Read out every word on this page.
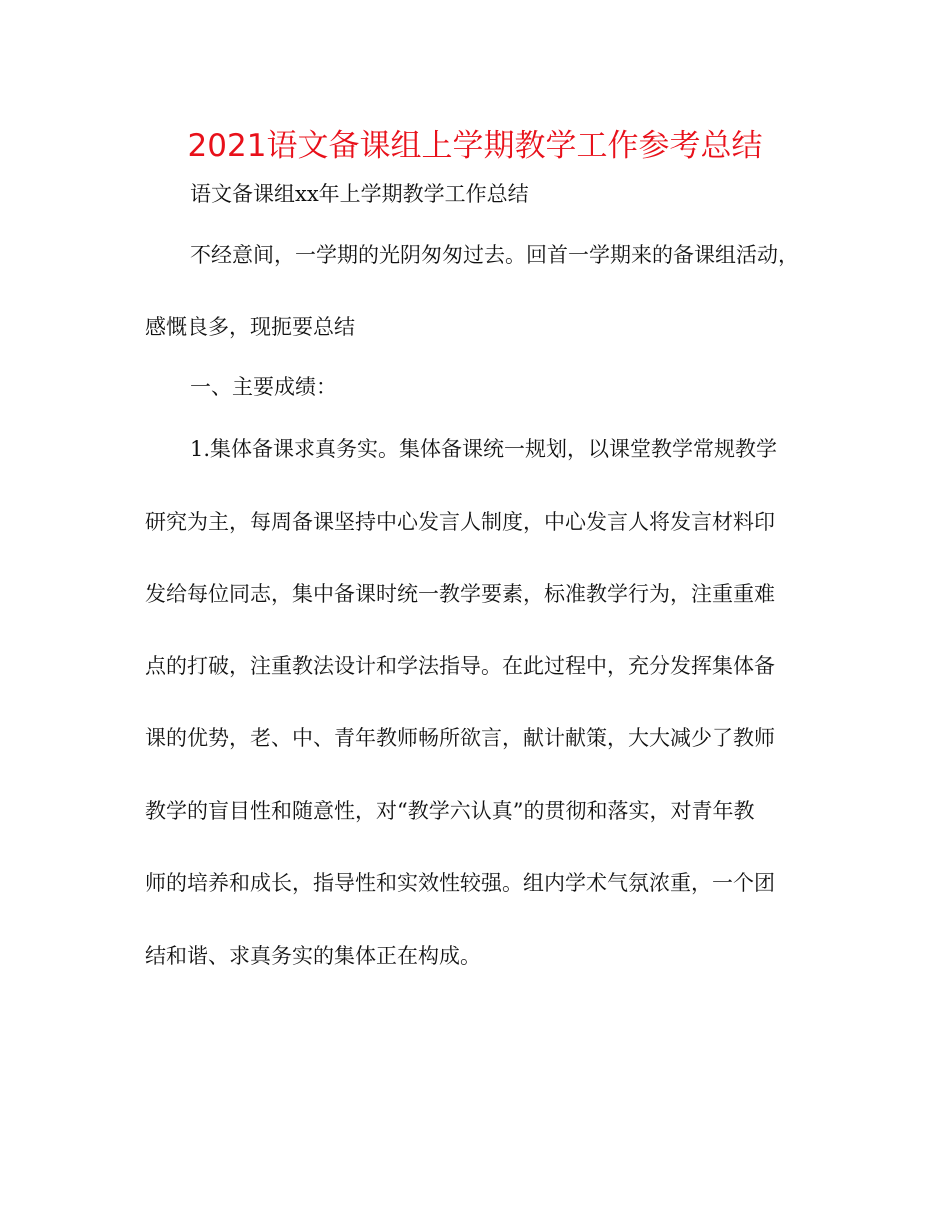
2021语文备课组上学期教学工作参考总结

语文备课组xx年上学期教学工作总结

不经意间，一学期的光阴匆匆过去。回首一学期来的备课组活动，

感慨良多，现扼要总结

一、主要成绩：

1.集体备课求真务实。集体备课统一规划，以课堂教学常规教学

研究为主，每周备课坚持中心发言人制度，中心发言人将发言材料印

发给每位同志，集中备课时统一教学要素，标准教学行为，注重重难

点的打破，注重教法设计和学法指导。在此过程中，充分发挥集体备

课的优势，老、中、青年教师畅所欲言，献计献策，大大减少了教师

教学的盲目性和随意性，对“教学六认真”的贯彻和落实，对青年教

师的培养和成长，指导性和实效性较强。组内学术气氛浓重，一个团

结和谐、求真务实的集体正在构成。
